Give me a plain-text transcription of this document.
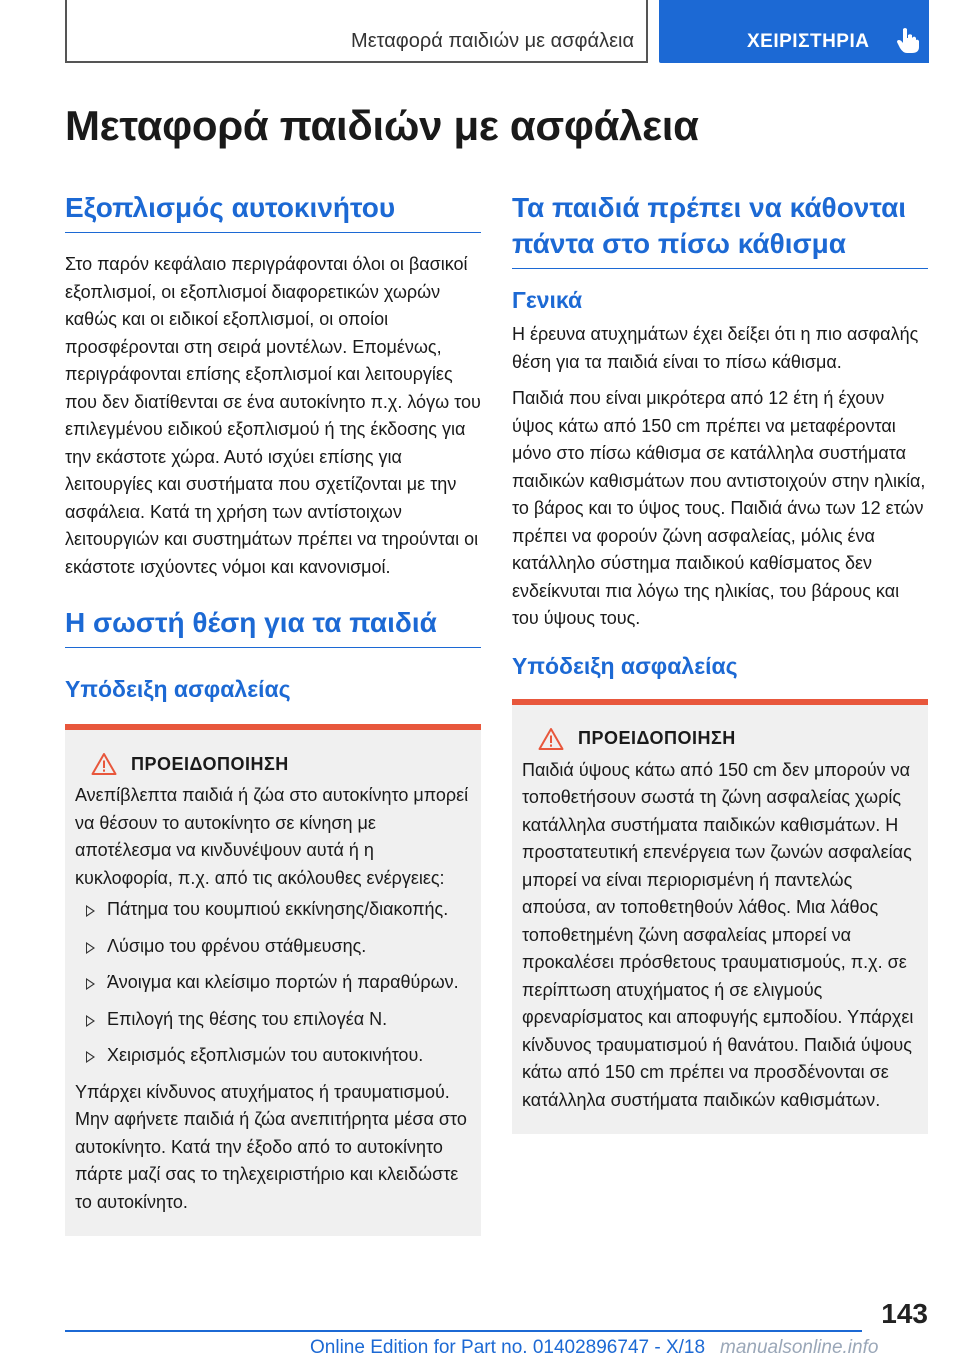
Μεταφορά παιδιών με ασφάλεια	ΧΕΙΡΙΣΤΗΡΙΑ
Μεταφορά παιδιών με ασφάλεια
Εξοπλισμός αυτοκινήτου

Στο παρόν κεφάλαιο περιγράφονται όλοι οι βασικοί εξοπλισμοί, οι εξοπλισμοί διαφορετικών χωρών καθώς και οι ειδικοί εξοπλισμοί, οι οποίοι προσφέρονται στη σειρά μοντέλων. Επομένως, περιγράφονται επίσης εξοπλισμοί και λειτουργίες που δεν διατίθενται σε ένα αυτοκίνητο π.χ. λόγω του επιλεγμένου ειδικού εξοπλισμού ή της έκδοσης για την εκάστοτε χώρα. Αυτό ισχύει επίσης για λειτουργίες και συστήματα που σχετίζονται με την ασφάλεια. Κατά τη χρήση των αντίστοιχων λειτουργιών και συστημάτων πρέπει να τηρούνται οι εκάστοτε ισχύοντες νόμοι και κανονισμοί.

Η σωστή θέση για τα παιδιά
Υπόδειξη ασφαλείας
ΠΡΟΕΙΔΟΠΟΙΗΣΗ

Ανεπίβλεπτα παιδιά ή ζώα στο αυτοκίνητο μπορεί να θέσουν το αυτοκίνητο σε κίνηση με αποτέλεσμα να κινδυνέψουν αυτά ή η κυκλοφορία, π.χ. από τις ακόλουθες ενέργειες:

Πάτημα του κουμπιού εκκίνησης/διακοπής.
Λύσιμο του φρένου στάθμευσης.
Άνοιγμα και κλείσιμο πορτών ή παραθύρων.
Επιλογή της θέσης του επιλογέα N.
Χειρισμός εξοπλισμών του αυτοκινήτου.

Υπάρχει κίνδυνος ατυχήματος ή τραυματισμού. Μην αφήνετε παιδιά ή ζώα ανεπιτήρητα μέσα στο αυτοκίνητο. Κατά την έξοδο από το αυτοκίνητο πάρτε μαζί σας το τηλεχειριστήριο και κλειδώστε το αυτοκίνητο.

Τα παιδιά πρέπει να κάθονται πάντα στο πίσω κάθισμα
Γενικά

Η έρευνα ατυχημάτων έχει δείξει ότι η πιο ασφαλής θέση για τα παιδιά είναι το πίσω κάθισμα.

Παιδιά που είναι μικρότερα από 12 έτη ή έχουν ύψος κάτω από 150 cm πρέπει να μεταφέρονται μόνο στο πίσω κάθισμα σε κατάλληλα συστήματα παιδικών καθισμάτων που αντιστοιχούν στην ηλικία, το βάρος και το ύψος τους. Παιδιά άνω των 12 ετών πρέπει να φορούν ζώνη ασφαλείας, μόλις ένα κατάλληλο σύστημα παιδικού καθίσματος δεν ενδείκνυται πια λόγω της ηλικίας, του βάρους και του ύψους τους.

Υπόδειξη ασφαλείας
ΠΡΟΕΙΔΟΠΟΙΗΣΗ

Παιδιά ύψους κάτω από 150 cm δεν μπορούν να τοποθετήσουν σωστά τη ζώνη ασφαλείας χωρίς κατάλληλα συστήματα παιδικών καθισμάτων. Η προστατευτική επενέργεια των ζωνών ασφαλείας μπορεί να είναι περιορισμένη ή παντελώς απούσα, αν τοποθετηθούν λάθος. Μια λάθος τοποθετημένη ζώνη ασφαλείας μπορεί να προκαλέσει πρόσθετους τραυματισμούς, π.χ. σε περίπτωση ατυχήματος ή σε ελιγμούς φρεναρίσματος και αποφυγής εμποδίου. Υπάρχει κίνδυνος τραυματισμού ή θανάτου. Παιδιά ύψους κάτω από 150 cm πρέπει να προσδένονται σε κατάλληλα συστήματα παιδικών καθισμάτων.

143
Online Edition for Part no. 01402896747 - X/18 manualsonline.info
